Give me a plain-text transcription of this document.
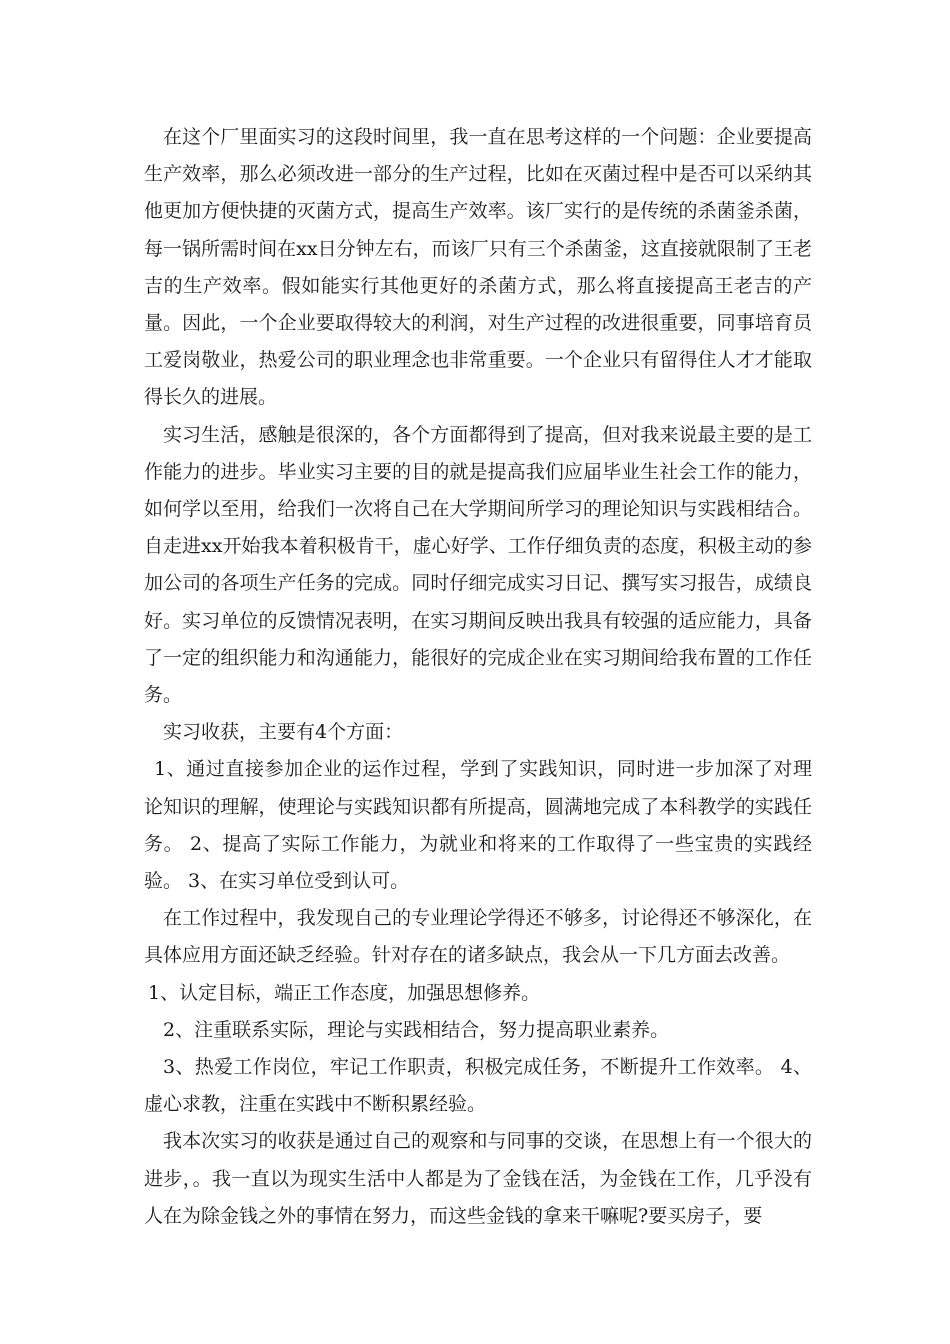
在这个厂里面实习的这段时间里，我一直在思考这样的一个问题：企业要提高生产效率，那么必须改进一部分的生产过程，比如在灭菌过程中是否可以采纳其他更加方便快捷的灭菌方式，提高生产效率。该厂实行的是传统的杀菌釜杀菌，每一锅所需时间在xx日分钟左右，而该厂只有三个杀菌釜，这直接就限制了王老吉的生产效率。假如能实行其他更好的杀菌方式，那么将直接提高王老吉的产量。因此，一个企业要取得较大的利润，对生产过程的改进很重要，同事培育员工爱岗敬业，热爱公司的职业理念也非常重要。一个企业只有留得住人才才能取得长久的进展。

实习生活，感触是很深的，各个方面都得到了提高，但对我来说最主要的是工作能力的进步。毕业实习主要的目的就是提高我们应届毕业生社会工作的能力，如何学以至用，给我们一次将自己在大学期间所学习的理论知识与实践相结合。自走进xx开始我本着积极肯干，虚心好学、工作仔细负责的态度，积极主动的参加公司的各项生产任务的完成。同时仔细完成实习日记、撰写实习报告，成绩良好。实习单位的反馈情况表明，在实习期间反映出我具有较强的适应能力，具备了一定的组织能力和沟通能力，能很好的完成企业在实习期间给我布置的工作任务。

实习收获，主要有4个方面：

1、通过直接参加企业的运作过程，学到了实践知识，同时进一步加深了对理论知识的理解，使理论与实践知识都有所提高，圆满地完成了本科教学的实践任务。 2、提高了实际工作能力，为就业和将来的工作取得了一些宝贵的实践经验。 3、在实习单位受到认可。

在工作过程中，我发现自己的专业理论学得还不够多，讨论得还不够深化，在具体应用方面还缺乏经验。针对存在的诸多缺点，我会从一下几方面去改善。

1、认定目标，端正工作态度，加强思想修养。

2、注重联系实际，理论与实践相结合，努力提高职业素养。

3、热爱工作岗位，牢记工作职责，积极完成任务，不断提升工作效率。 4、虚心求教，注重在实践中不断积累经验。

我本次实习的收获是通过自己的观察和与同事的交谈，在思想上有一个很大的进步，。我一直以为现实生活中人都是为了金钱在活，为金钱在工作，几乎没有人在为除金钱之外的事情在努力，而这些金钱的拿来干嘛呢?要买房子，要
